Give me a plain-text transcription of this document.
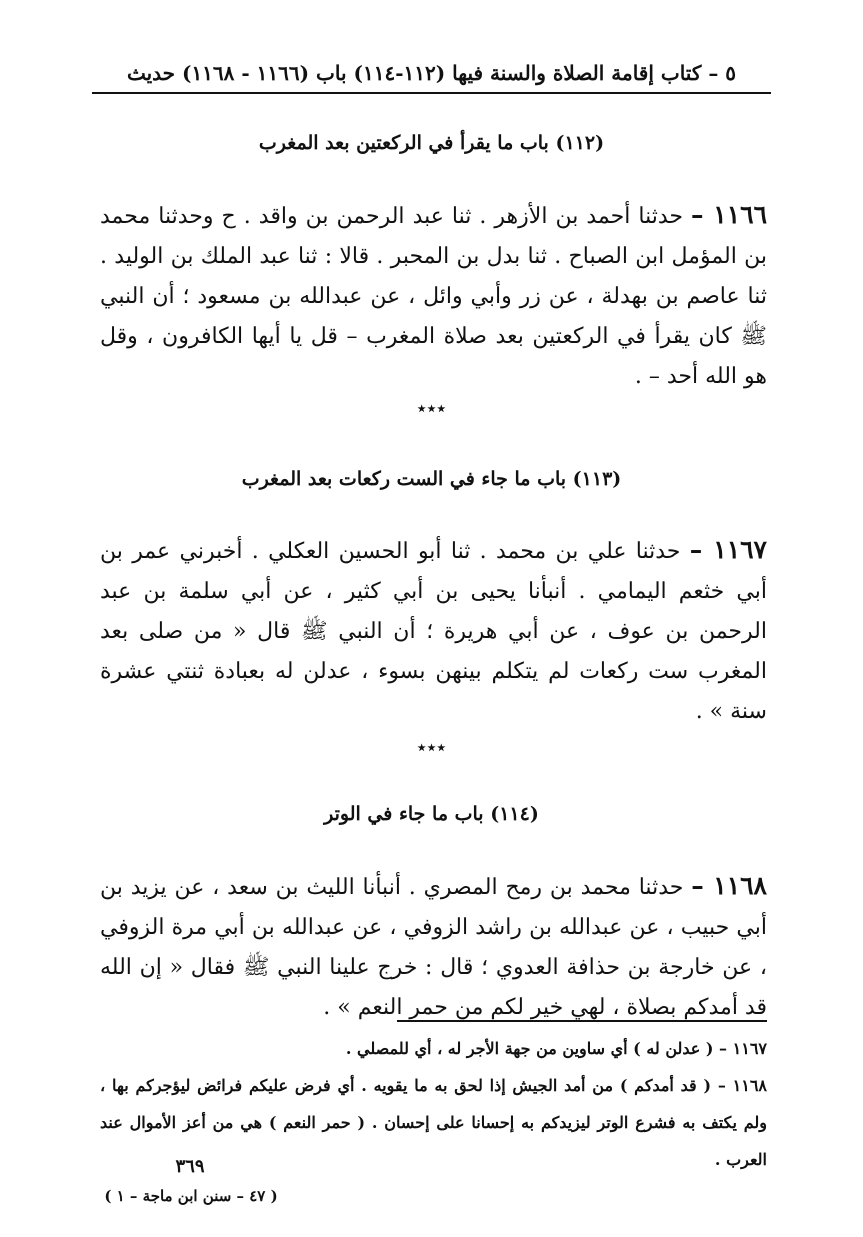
٥ – كتاب إقامة الصلاة والسنة فيها (١١٢-١١٤) باب (١١٦٦ - ١١٦٨) حديث
(١١٢) باب ما يقرأ في الركعتين بعد المغرب
١١٦٦ – حدثنا أحمد بن الأزهر . ثنا عبد الرحمن بن واقد . ح وحدثنا محمد بن المؤمل ابن الصباح . ثنا بدل بن المحبر . قالا : ثنا عبد الملك بن الوليد . ثنا عاصم بن بهدلة ، عن زر وأبي وائل ، عن عبدالله بن مسعود ؛ أن النبي ﷺ كان يقرأ في الركعتين بعد صلاة المغرب – قل يا أيها الكافرون ، وقل هو الله أحد – .
٭٭٭
(١١٣) باب ما جاء في الست ركعات بعد المغرب
١١٦٧ – حدثنا علي بن محمد . ثنا أبو الحسين العكلي . أخبرني عمر بن أبي خثعم اليمامي . أنبأنا يحيى بن أبي كثير ، عن أبي سلمة بن عبد الرحمن بن عوف ، عن أبي هريرة ؛ أن النبي ﷺ قال « من صلى بعد المغرب ست ركعات لم يتكلم بينهن بسوء ، عدلن له بعبادة ثنتي عشرة سنة » .
٭٭٭
(١١٤) باب ما جاء في الوتر
١١٦٨ – حدثنا محمد بن رمح المصري . أنبأنا الليث بن سعد ، عن يزيد بن أبي حبيب ، عن عبدالله بن راشد الزوفي ، عن عبدالله بن أبي مرة الزوفي ، عن خارجة بن حذافة العدوي ؛ قال : خرج علينا النبي ﷺ فقال « إن الله قد أمدكم بصلاة ، لهي خير لكم من حمر النعم » .
١١٦٧ – ( عدلن له ) أي ساوين من جهة الأجر له ، أي للمصلي .
١١٦٨ – ( قد أمدكم ) من أمد الجيش إذا لحق به ما يقويه . أي فرض عليكم فرائض ليؤجركم بها ، ولم يكتف به فشرع الوتر ليزيدكم به إحسانا على إحسان . ( حمر النعم ) هي من أعز الأموال عند العرب .
٣٦٩
( ٤٧ – سنن ابن ماجة – ١ )
